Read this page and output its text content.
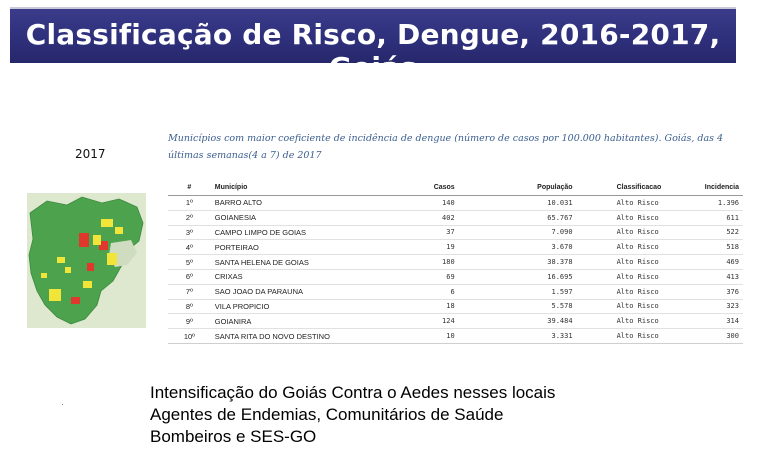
Classificação de Risco, Dengue, 2016-2017, Goiás
2017
Municípios com maior coeficiente de incidência de dengue (número de casos por 100.000 habitantes). Goiás, das 4 últimas semanas(4 a 7) de 2017
#	Município	Casos	População	Classificacao	Incidencia
1º	BARRO ALTO	140	10.031	Alto Risco	1.396
2º	GOIANESIA	402	65.767	Alto Risco	611
3º	CAMPO LIMPO DE GOIAS	37	7.090	Alto Risco	522
4º	PORTEIRAO	19	3.670	Alto Risco	518
5º	SANTA HELENA DE GOIAS	180	38.378	Alto Risco	469
6º	CRIXAS	69	16.695	Alto Risco	413
7º	SAO JOAO DA PARAUNA	6	1.597	Alto Risco	376
8º	VILA PROPICIO	18	5.578	Alto Risco	323
9º	GOIANIRA	124	39.484	Alto Risco	314
10º	SANTA RITA DO NOVO DESTINO	10	3.331	Alto Risco	300
Intensificação do Goiás Contra o Aedes nesses locais
Agentes de Endemias, Comunitários de Saúde
Bombeiros e SES-GO
